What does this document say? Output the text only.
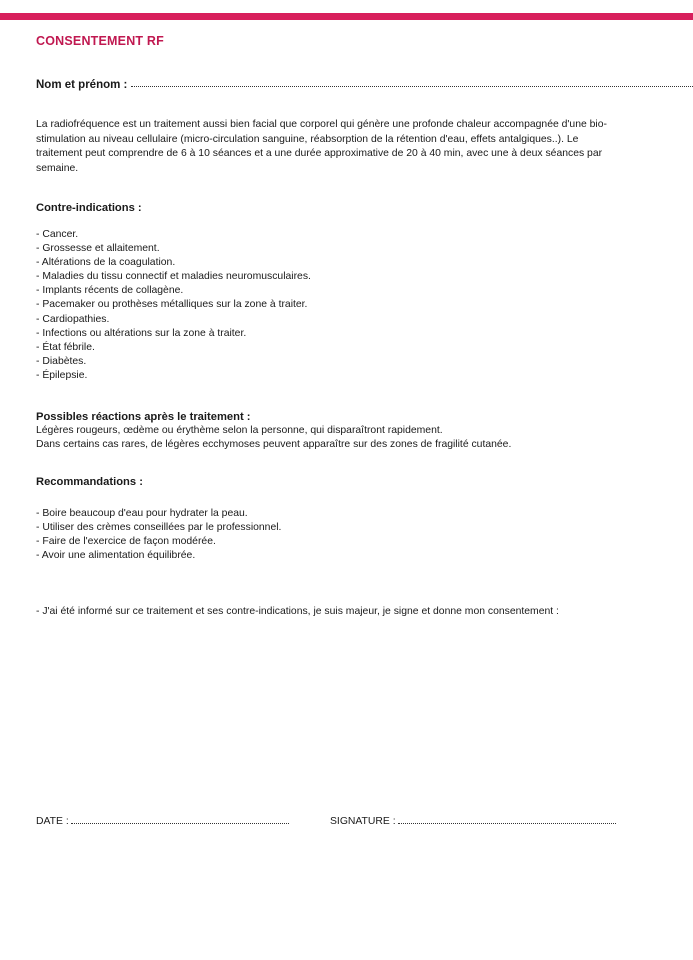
CONSENTEMENT RF
Nom et prénom :
La radiofréquence est un traitement aussi bien facial que corporel qui génère une profonde chaleur accompagnée d'une bio-stimulation au niveau cellulaire (micro-circulation sanguine, réabsorption de la rétention d'eau, effets antalgiques..). Le traitement peut comprendre de 6 à 10 séances et a une durée approximative de 20 à 40 min, avec une à deux séances par semaine.
Contre-indications :
- Cancer.
- Grossesse et allaitement.
- Altérations de la coagulation.
- Maladies du tissu connectif et maladies neuromusculaires.
- Implants récents de collagène.
- Pacemaker ou prothèses métalliques sur la zone à traiter.
- Cardiopathies.
- Infections ou altérations sur la zone à traiter.
- État fébrile.
- Diabètes.
- Épilepsie.
Possibles réactions après le traitement :
Légères rougeurs, œdème ou érythème selon la personne, qui disparaîtront rapidement.
Dans certains cas rares, de légères ecchymoses peuvent apparaître sur des zones de fragilité cutanée.
Recommandations :
- Boire beaucoup d'eau pour hydrater la peau.
- Utiliser des crèmes conseillées par le professionnel.
- Faire de l'exercice de façon modérée.
- Avoir une alimentation équilibrée.
- J'ai été informé sur ce traitement et ses contre-indications, je suis majeur, je signe et donne mon consentement :
DATE :	SIGNATURE :
